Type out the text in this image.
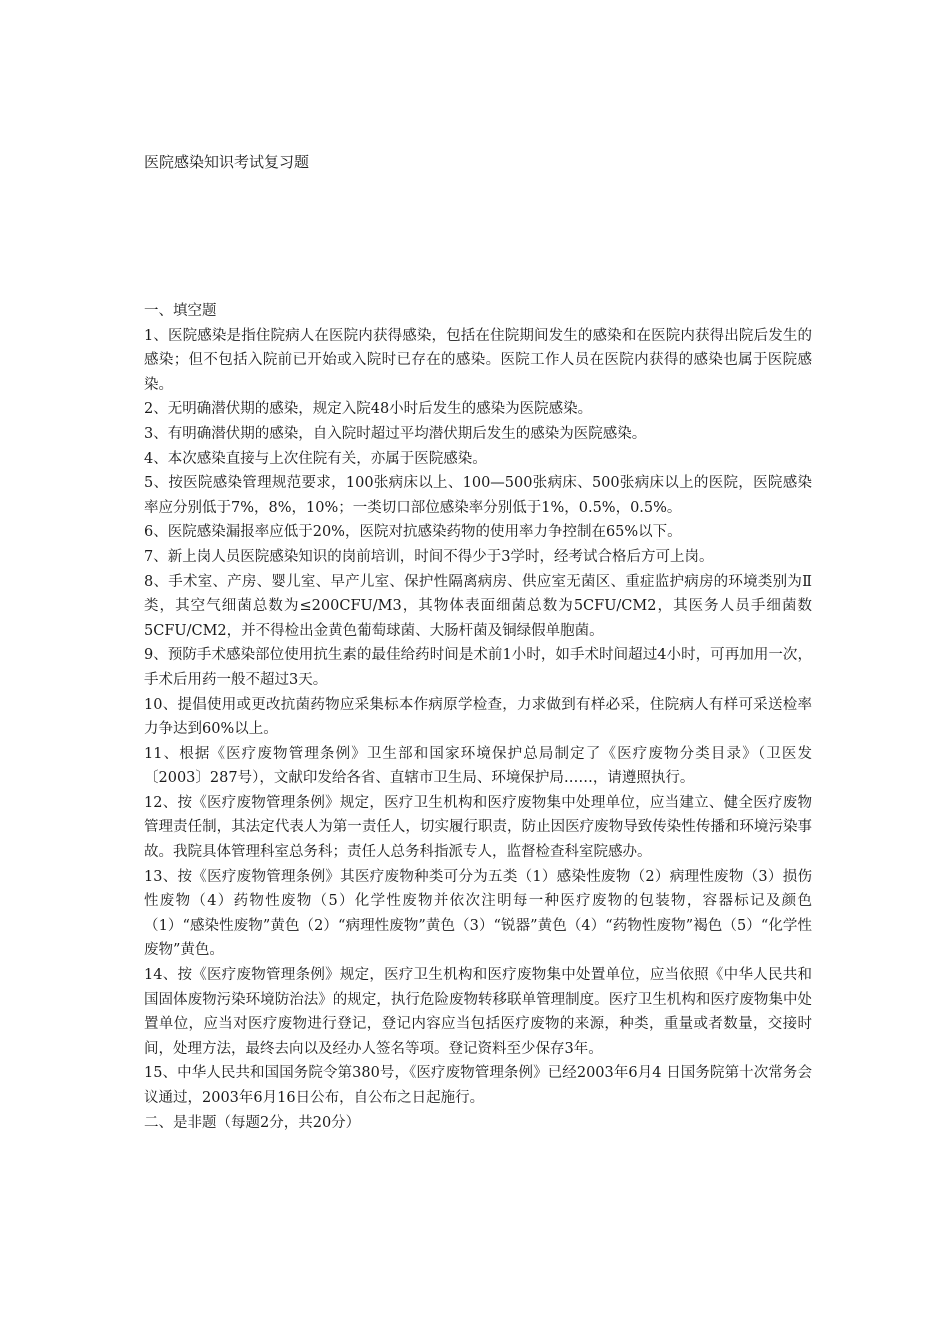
医院感染知识考试复习题

一、填空题

1、医院感染是指住院病人在医院内获得感染，包括在住院期间发生的感染和在医院内获得出院后发生的感染；但不包括入院前已开始或入院时已存在的感染。医院工作人员在医院内获得的感染也属于医院感染。

2、无明确潜伏期的感染，规定入院48小时后发生的感染为医院感染。

3、有明确潜伏期的感染，自入院时超过平均潜伏期后发生的感染为医院感染。

4、本次感染直接与上次住院有关，亦属于医院感染。

5、按医院感染管理规范要求，100张病床以上、100—500张病床、500张病床以上的医院，医院感染率应分别低于7%，8%，10%；一类切口部位感染率分别低于1%，0.5%，0.5%。

6、医院感染漏报率应低于20%，医院对抗感染药物的使用率力争控制在65%以下。

7、新上岗人员医院感染知识的岗前培训，时间不得少于3学时，经考试合格后方可上岗。

8、手术室、产房、婴儿室、早产儿室、保护性隔离病房、供应室无菌区、重症监护病房的环境类别为Ⅱ类，其空气细菌总数为≤200CFU/M3，其物体表面细菌总数为5CFU/CM2，其医务人员手细菌数5CFU/CM2，并不得检出金黄色葡萄球菌、大肠杆菌及铜绿假单胞菌。

9、预防手术感染部位使用抗生素的最佳给药时间是术前1小时，如手术时间超过4小时，可再加用一次，手术后用药一般不超过3天。

10、提倡使用或更改抗菌药物应采集标本作病原学检查，力求做到有样必采，住院病人有样可采送检率力争达到60%以上。

11、根据《医疗废物管理条例》卫生部和国家环境保护总局制定了《医疗废物分类目录》（卫医发〔2003〕287号），文献印发给各省、直辖市卫生局、环境保护局……，请遵照执行。

12、按《医疗废物管理条例》规定，医疗卫生机构和医疗废物集中处理单位，应当建立、健全医疗废物管理责任制，其法定代表人为第一责任人，切实履行职责，防止因医疗废物导致传染性传播和环境污染事故。我院具体管理科室总务科；责任人总务科指派专人，监督检查科室院感办。

13、按《医疗废物管理条例》其医疗废物种类可分为五类（1）感染性废物（2）病理性废物（3）损伤性废物（4）药物性废物（5）化学性废物并依次注明每一种医疗废物的包装物，容器标记及颜色（1）“感染性废物”黄色（2）“病理性废物”黄色（3）“锐器”黄色（4）“药物性废物”褐色（5）“化学性废物”黄色。

14、按《医疗废物管理条例》规定，医疗卫生机构和医疗废物集中处置单位，应当依照《中华人民共和国固体废物污染环境防治法》的规定，执行危险废物转移联单管理制度。医疗卫生机构和医疗废物集中处置单位，应当对医疗废物进行登记，登记内容应当包括医疗废物的来源，种类，重量或者数量，交接时间，处理方法，最终去向以及经办人签名等项。登记资料至少保存3年。

15、中华人民共和国国务院令第380号，《医疗废物管理条例》已经2003年6月4 日国务院第十次常务会议通过，2003年6月16日公布，自公布之日起施行。

二、是非题（每题2分，共20分）
